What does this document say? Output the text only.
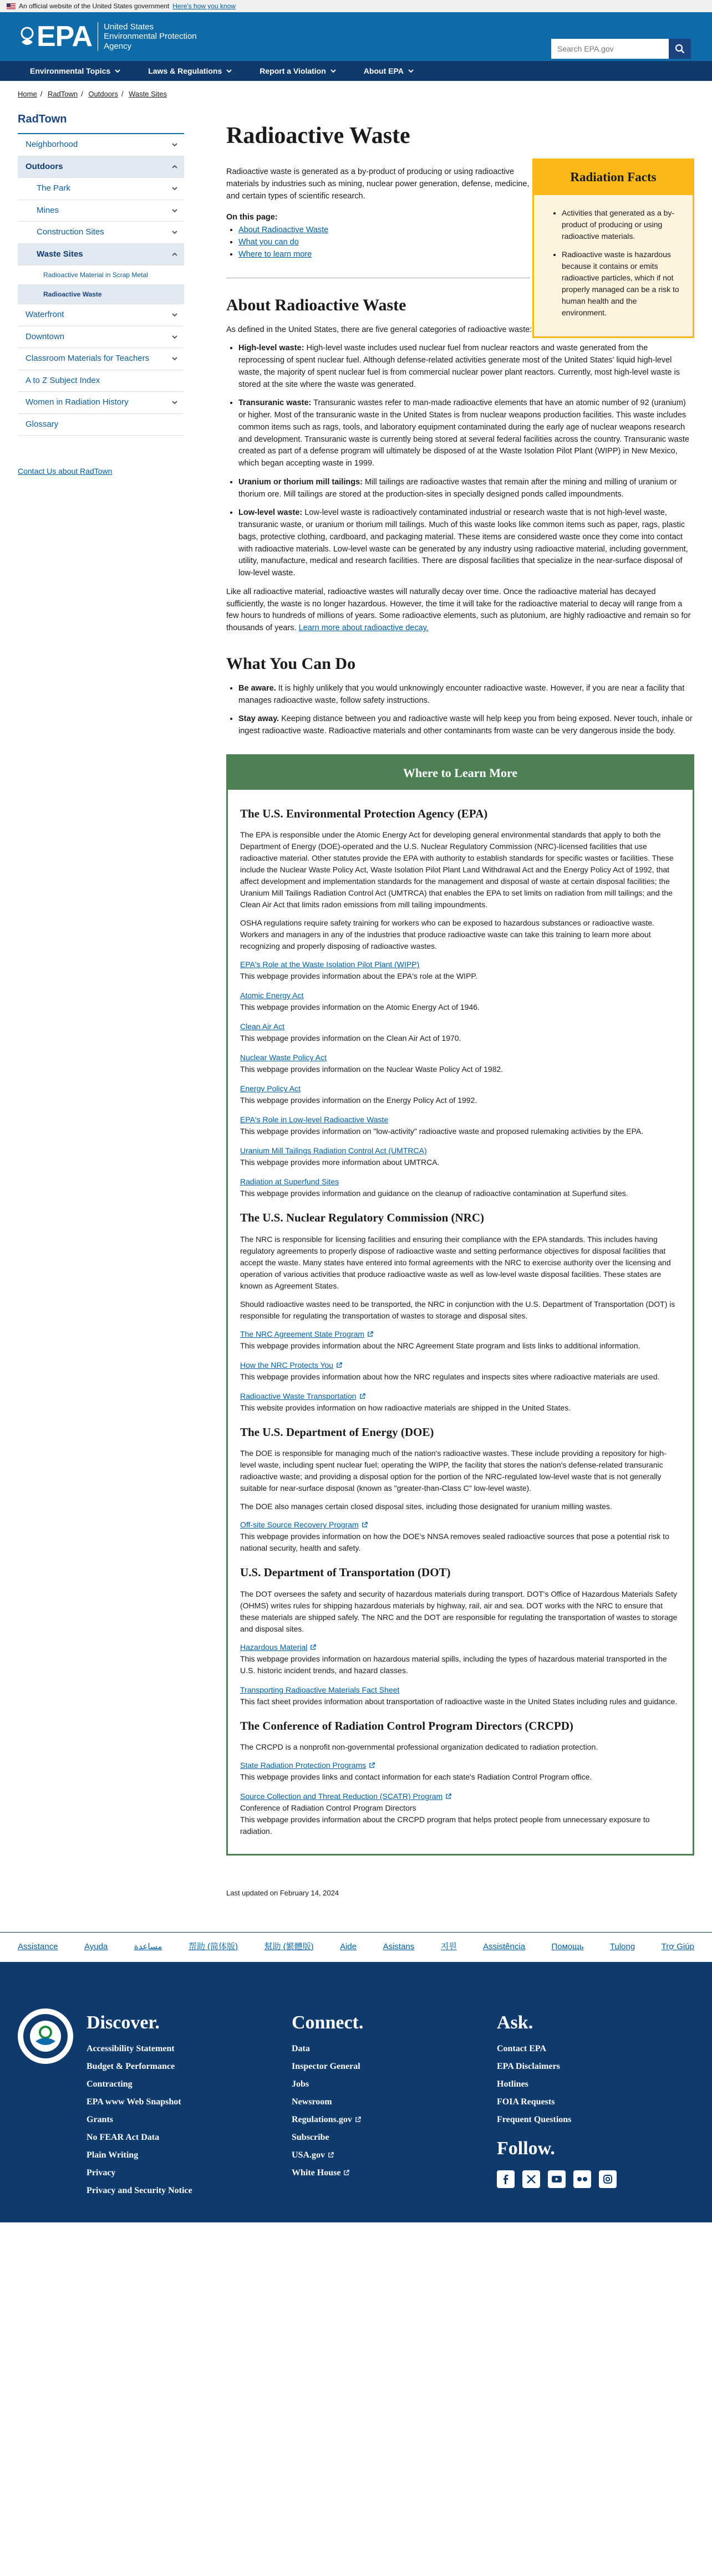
An official website of the United States government Here's how you know
EPA	United States
Environmental Protection
Agency
Search EPA.gov
Environmental Topics	Laws & Regulations	Report a Violation	About EPA
Home / RadTown / Outdoors / Waste Sites
RadTown
Neighborhood
Outdoors
The Park
Mines
Construction Sites
Waste Sites
Radioactive Material in Scrap Metal
Radioactive Waste
Waterfront
Downtown
Classroom Materials for Teachers
A to Z Subject Index
Women in Radiation History
Glossary
Contact Us about RadTown
Radioactive Waste
Radiation Facts
• Activities that generated as a by-product of producing or using radioactive materials.
• Radioactive waste is hazardous because it contains or emits radioactive particles, which if not properly managed can be a risk to human health and the environment.

Radioactive waste is generated as a by-product of producing or using radioactive materials by industries such as mining, nuclear power generation, defense, medicine, and certain types of scientific research.

On this page:
• About Radioactive Waste
• What you can do
• Where to learn more
About Radioactive Waste

As defined in the United States, there are five general categories of radioactive waste:

• High-level waste: High-level waste includes used nuclear fuel from nuclear reactors and waste generated from the reprocessing of spent nuclear fuel. Although defense-related activities generate most of the United States' liquid high-level waste, the majority of spent nuclear fuel is from commercial nuclear power plant reactors. Currently, most high-level waste is stored at the site where the waste was generated.
• Transuranic waste: Transuranic wastes refer to man-made radioactive elements that have an atomic number of 92 (uranium) or higher. Most of the transuranic waste in the United States is from nuclear weapons production facilities. This waste includes common items such as rags, tools, and laboratory equipment contaminated during the early age of nuclear weapons research and development. Transuranic waste is currently being stored at several federal facilities across the country. Transuranic waste created as part of a defense program will ultimately be disposed of at the Waste Isolation Pilot Plant (WIPP) in New Mexico, which began accepting waste in 1999.
• Uranium or thorium mill tailings: Mill tailings are radioactive wastes that remain after the mining and milling of uranium or thorium ore. Mill tailings are stored at the production-sites in specially designed ponds called impoundments.
• Low-level waste: Low-level waste is radioactively contaminated industrial or research waste that is not high-level waste, transuranic waste, or uranium or thorium mill tailings. Much of this waste looks like common items such as paper, rags, plastic bags, protective clothing, cardboard, and packaging material. These items are considered waste once they come into contact with radioactive materials. Low-level waste can be generated by any industry using radioactive material, including government, utility, manufacture, medical and research facilities. There are disposal facilities that specialize in the near-surface disposal of low-level waste.

Like all radioactive material, radioactive wastes will naturally decay over time. Once the radioactive material has decayed sufficiently, the waste is no longer hazardous. However, the time it will take for the radioactive material to decay will range from a few hours to hundreds of millions of years. Some radioactive elements, such as plutonium, are highly radioactive and remain so for thousands of years. Learn more about radioactive decay.

What You Can Do
• Be aware. It is highly unlikely that you would unknowingly encounter radioactive waste. However, if you are near a facility that manages radioactive waste, follow safety instructions.
• Stay away. Keeping distance between you and radioactive waste will help keep you from being exposed. Never touch, inhale or ingest radioactive waste. Radioactive materials and other contaminants from waste can be very dangerous inside the body.
Where to Learn More
The U.S. Environmental Protection Agency (EPA)

The EPA is responsible under the Atomic Energy Act for developing general environmental standards that apply to both the Department of Energy (DOE)-operated and the U.S. Nuclear Regulatory Commission (NRC)-licensed facilities that use radioactive material. Other statutes provide the EPA with authority to establish standards for specific wastes or facilities. These include the Nuclear Waste Policy Act, Waste Isolation Pilot Plant Land Withdrawal Act and the Energy Policy Act of 1992, that affect development and implementation standards for the management and disposal of waste at certain disposal facilities; the Uranium Mill Tailings Radiation Control Act (UMTRCA) that enables the EPA to set limits on radiation from mill tailings; and the Clean Air Act that limits radon emissions from mill tailing impoundments.

OSHA regulations require safety training for workers who can be exposed to hazardous substances or radioactive waste. Workers and managers in any of the industries that produce radioactive waste can take this training to learn more about recognizing and properly disposing of radioactive wastes.

EPA's Role at the Waste Isolation Pilot Plant (WIPP)
This webpage provides information about the EPA's role at the WIPP.
Atomic Energy Act
This webpage provides information on the Atomic Energy Act of 1946.
Clean Air Act
This webpage provides information on the Clean Air Act of 1970.
Nuclear Waste Policy Act
This webpage provides information on the Nuclear Waste Policy Act of 1982.
Energy Policy Act
This webpage provides information on the Energy Policy Act of 1992.
EPA's Role in Low-level Radioactive Waste
This webpage provides information on "low-activity" radioactive waste and proposed rulemaking activities by the EPA.
Uranium Mill Tailings Radiation Control Act (UMTRCA)
This webpage provides more information about UMTRCA.
Radiation at Superfund Sites
This webpage provides information and guidance on the cleanup of radioactive contamination at Superfund sites.
The U.S. Nuclear Regulatory Commission (NRC)

The NRC is responsible for licensing facilities and ensuring their compliance with the EPA standards. This includes having regulatory agreements to properly dispose of radioactive waste and setting performance objectives for disposal facilities that accept the waste. Many states have entered into formal agreements with the NRC to exercise authority over the licensing and operation of various activities that produce radioactive waste as well as low-level waste disposal facilities. These states are known as Agreement States.

Should radioactive wastes need to be transported, the NRC in conjunction with the U.S. Department of Transportation (DOT) is responsible for regulating the transportation of wastes to storage and disposal sites.

The NRC Agreement State Program
This webpage provides information about the NRC Agreement State program and lists links to additional information.
How the NRC Protects You
This webpage provides information about how the NRC regulates and inspects sites where radioactive materials are used.
Radioactive Waste Transportation
This website provides information on how radioactive materials are shipped in the United States.
The U.S. Department of Energy (DOE)

The DOE is responsible for managing much of the nation's radioactive wastes. These include providing a repository for high-level waste, including spent nuclear fuel; operating the WIPP, the facility that stores the nation's defense-related transuranic radioactive waste; and providing a disposal option for the portion of the NRC-regulated low-level waste that is not generally suitable for near-surface disposal (known as "greater-than-Class C" low-level waste).

The DOE also manages certain closed disposal sites, including those designated for uranium milling wastes.

Off-site Source Recovery Program
This webpage provides information on how the DOE's NNSA removes sealed radioactive sources that pose a potential risk to national security, health and safety.
U.S. Department of Transportation (DOT)

The DOT oversees the safety and security of hazardous materials during transport. DOT's Office of Hazardous Materials Safety (OHMS) writes rules for shipping hazardous materials by highway, rail, air and sea. DOT works with the NRC to ensure that these materials are shipped safely. The NRC and the DOT are responsible for regulating the transportation of wastes to storage and disposal sites.

Hazardous Material
This webpage provides information on hazardous material spills, including the types of hazardous material transported in the U.S. historic incident trends, and hazard classes.
Transporting Radioactive Materials Fact Sheet
This fact sheet provides information about transportation of radioactive waste in the United States including rules and guidance.
The Conference of Radiation Control Program Directors (CRCPD)

The CRCPD is a nonprofit non-governmental professional organization dedicated to radiation protection.

State Radiation Protection Programs
This webpage provides links and contact information for each state's Radiation Control Program office.
Source Collection and Threat Reduction (SCATR) Program
Conference of Radiation Control Program Directors
This webpage provides information about the CRCPD program that helps protect people from unnecessary exposure to radiation.

Last updated on February 14, 2024

Assistance	Ayuda	مساعدة	帮助 (简体版)	幫助 (繁體版)	Aide	Asistans	지원	Assistência	Помощь	Tulong	Trợ Giúp
Discover.
Accessibility Statement
Budget & Performance
Contracting
EPA www Web Snapshot
Grants
No FEAR Act Data
Plain Writing
Privacy
Privacy and Security Notice
Connect.
Data
Inspector General
Jobs
Newsroom
Regulations.gov
Subscribe
USA.gov
White House
Ask.
Contact EPA
EPA Disclaimers
Hotlines
FOIA Requests
Frequent Questions
Follow.
